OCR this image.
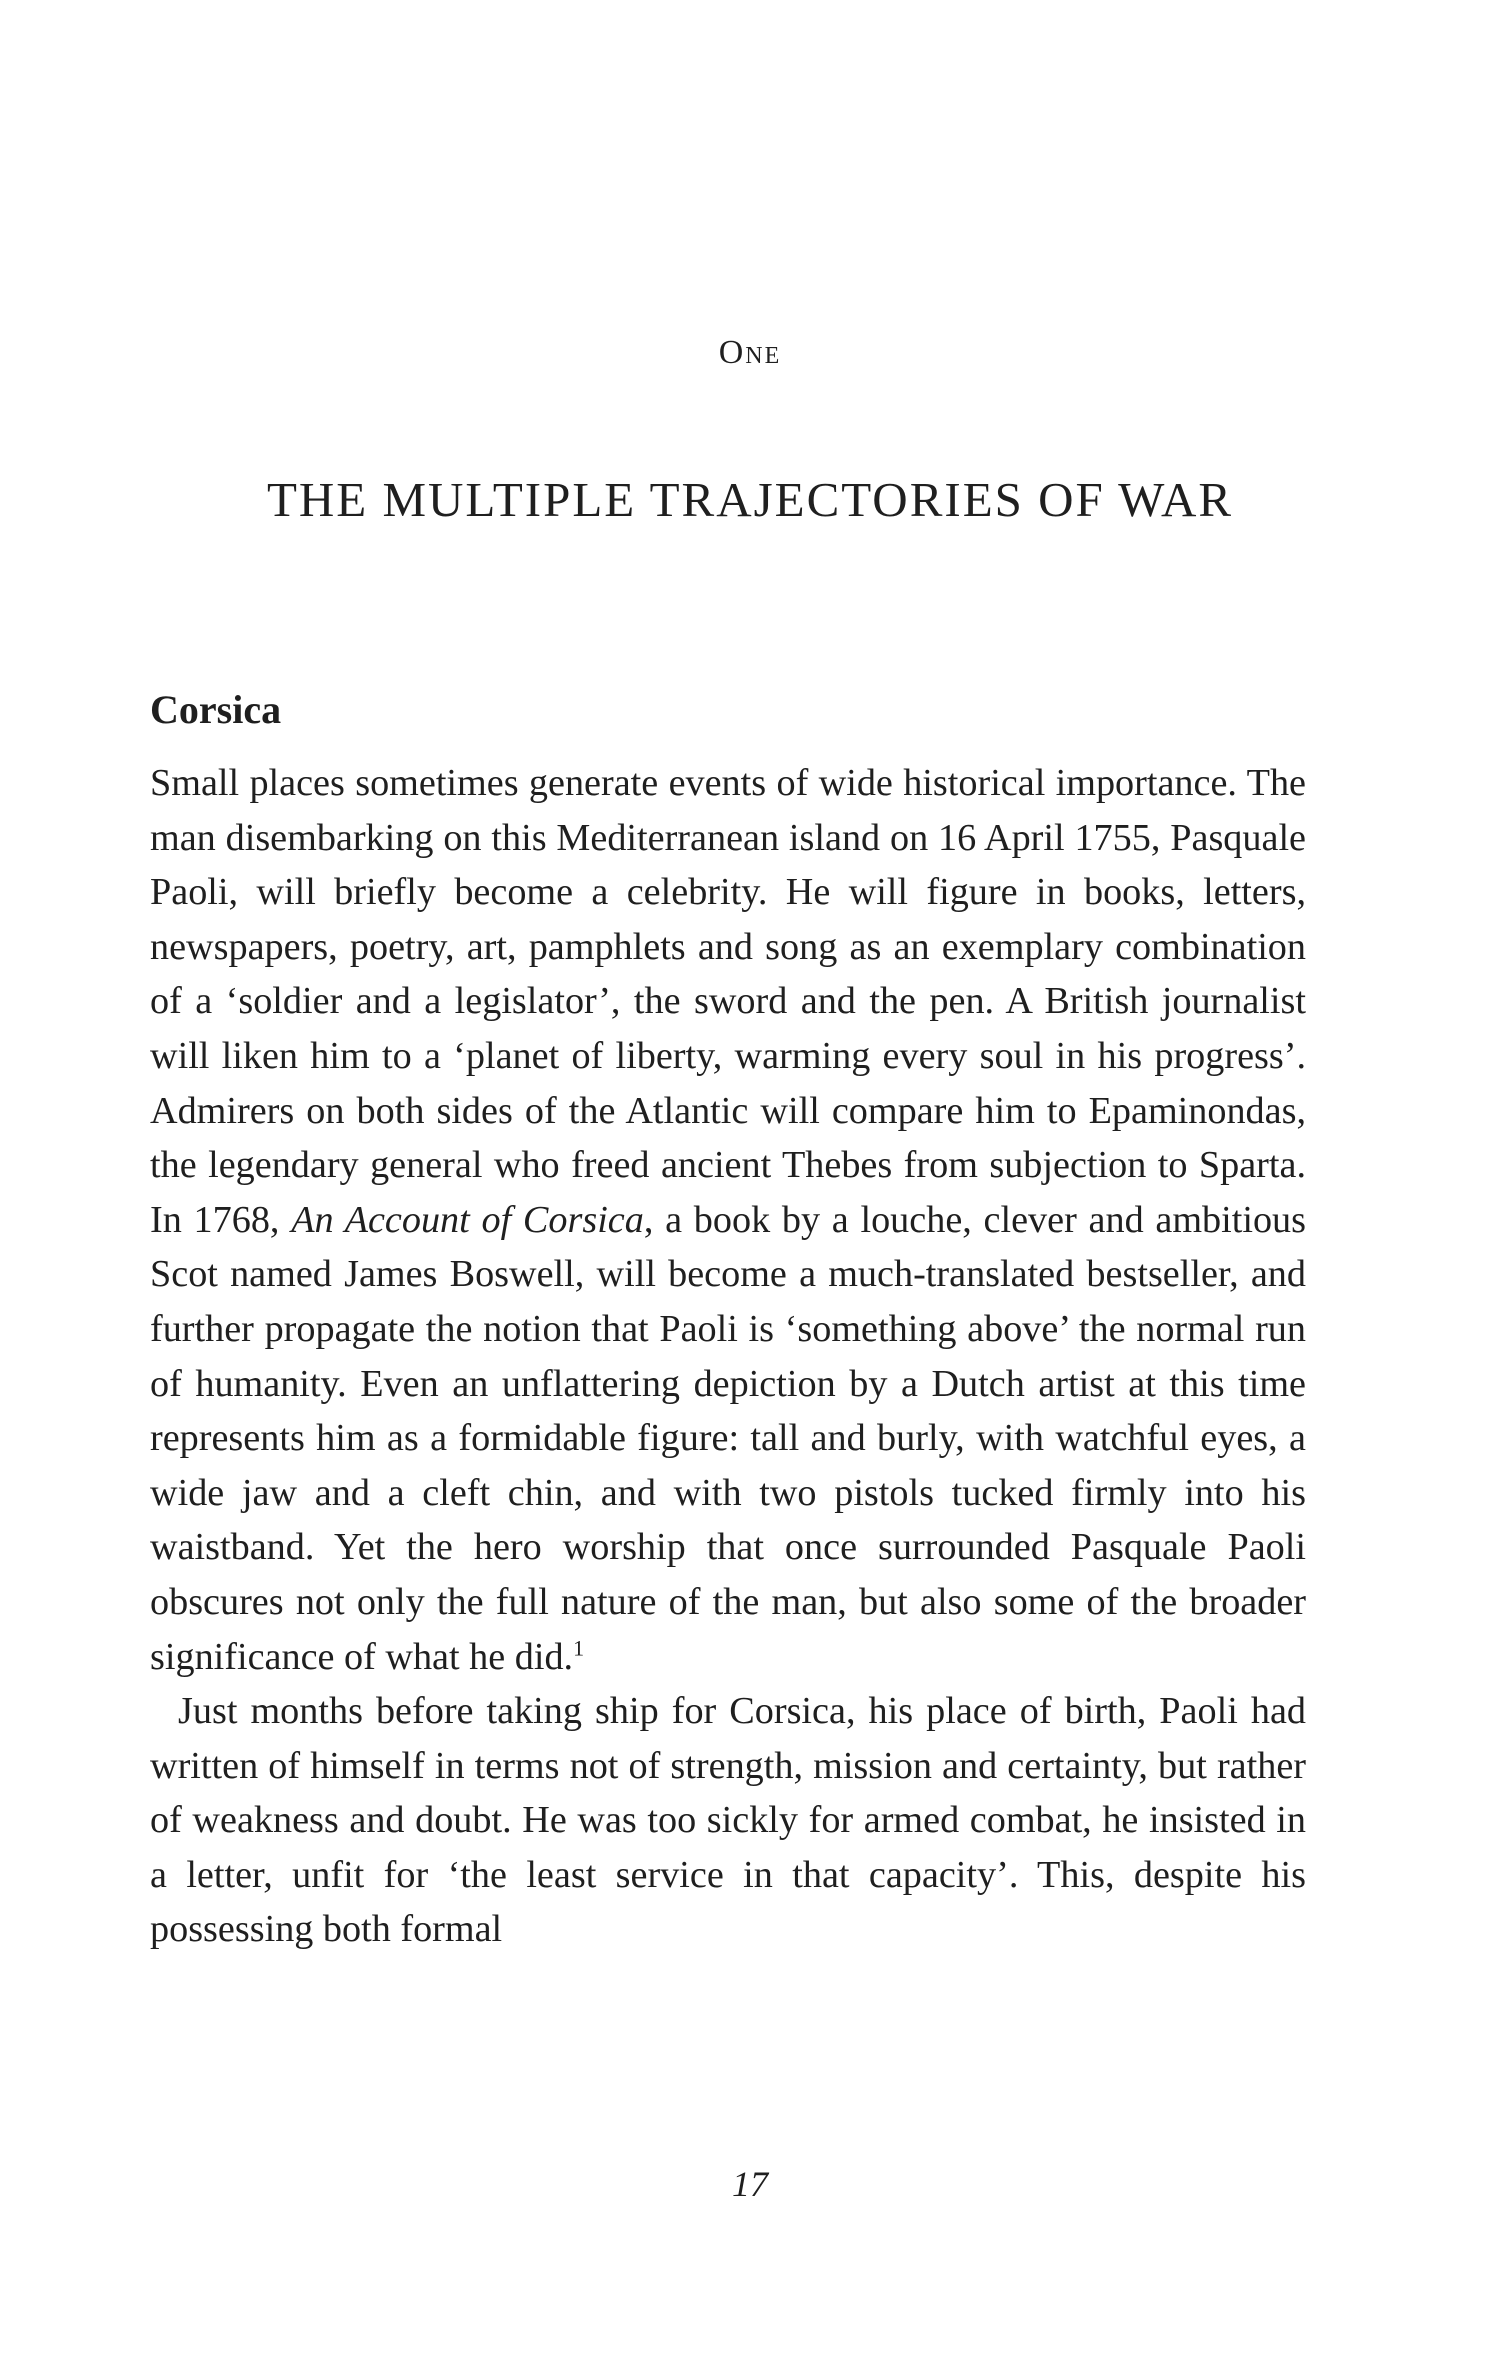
One
THE MULTIPLE TRAJECTORIES OF WAR
Corsica

Small places sometimes generate events of wide historical importance. The man disembarking on this Mediterranean island on 16 April 1755, Pasquale Paoli, will briefly become a celebrity. He will figure in books, letters, newspapers, poetry, art, pamphlets and song as an exemplary combination of a ‘soldier and a legislator’, the sword and the pen. A British journalist will liken him to a ‘planet of liberty, warming every soul in his progress’. Admirers on both sides of the Atlantic will compare him to Epaminondas, the legendary general who freed ancient Thebes from subjection to Sparta. In 1768, An Account of Corsica, a book by a louche, clever and ambitious Scot named James Boswell, will become a much-translated bestseller, and further propagate the notion that Paoli is ‘something above’ the normal run of humanity. Even an unflattering depiction by a Dutch artist at this time represents him as a formidable figure: tall and burly, with watchful eyes, a wide jaw and a cleft chin, and with two pistols tucked firmly into his waistband. Yet the hero worship that once surrounded Pasquale Paoli obscures not only the full nature of the man, but also some of the broader significance of what he did.$^1$

Just months before taking ship for Corsica, his place of birth, Paoli had written of himself in terms not of strength, mission and certainty, but rather of weakness and doubt. He was too sickly for armed combat, he insisted in a letter, unfit for ‘the least service in that capacity’. This, despite his possessing both formal

17
